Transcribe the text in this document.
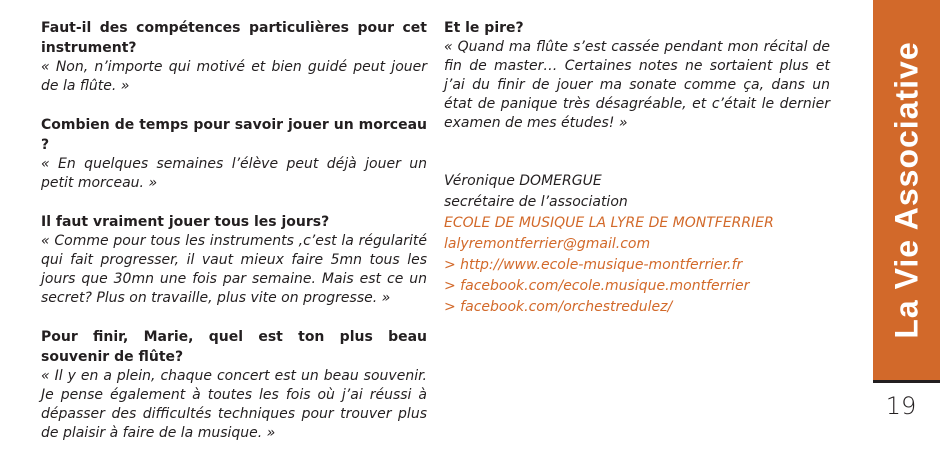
Faut-il des compétences particulières pour cet instrument?

« Non, n’importe qui motivé et bien guidé peut jouer de la flûte. »

Combien de temps pour savoir jouer un morceau ?

« En quelques semaines l’élève peut déjà jouer un petit morceau. »

Il faut vraiment jouer tous les jours?

« Comme pour tous les instruments ,c’est la régularité qui fait progresser, il vaut mieux faire 5mn tous les jours que 30mn une fois par semaine. Mais est ce un secret? Plus on travaille, plus vite on progresse. »

Pour finir, Marie, quel est ton plus beau souvenir de flûte?

« Il y en a plein, chaque concert est un beau souvenir. Je pense également à toutes les fois où j’ai réussi à dépasser des difficultés techniques pour trouver plus de plaisir à faire de la musique. »

Et le pire?

« Quand ma flûte s’est cassée pendant mon récital de fin de master… Certaines notes ne sortaient plus et j’ai du finir de jouer ma sonate comme ça, dans un état de panique très désagréable, et c’était le dernier examen de mes études! »

Véronique DOMERGUE
secrétaire de l’association
ECOLE DE MUSIQUE LA LYRE DE MONTFERRIER
lalyremontferrier@gmail.com
> http://www.ecole-musique-montferrier.fr
> facebook.com/ecole.musique.montferrier
> facebook.com/orchestredulez/	La Vie Associative
19
